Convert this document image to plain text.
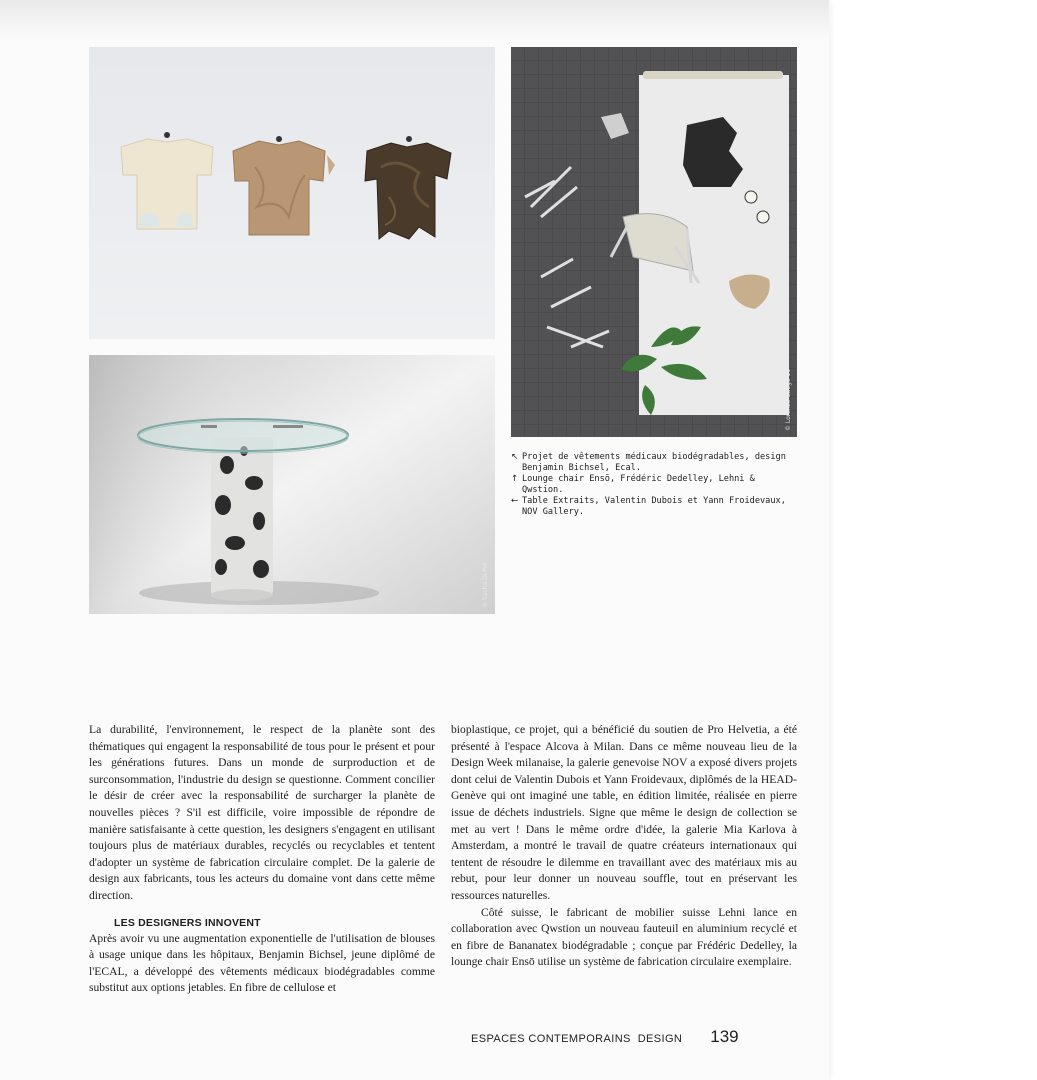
© Sacha Di Poi
© Lorenzo Cuogo 11
↖ Projet de vêtements médicaux biodégradables, design Benjamin Bichsel, Ecal.
↑ Lounge chair Ensō, Frédéric Dedelley, Lehni & Qwstion.
← Table Extraits, Valentin Dubois et Yann Froidevaux, NOV Gallery.

La durabilité, l'environnement, le respect de la planète sont des thématiques qui engagent la responsabilité de tous pour le présent et pour les générations futures. Dans un monde de surproduction et de surconsommation, l'industrie du design se questionne. Comment concilier le désir de créer avec la responsabilité de surcharger la planète de nouvelles pièces ? S'il est difficile, voire impossible de répondre de manière satisfaisante à cette question, les designers s'engagent en utilisant toujours plus de matériaux durables, recyclés ou recyclables et tentent d'adopter un système de fabrication circulaire complet. De la galerie de design aux fabricants, tous les acteurs du domaine vont dans cette même direction.

LES DESIGNERS INNOVENT

Après avoir vu une augmentation exponentielle de l'utilisation de blouses à usage unique dans les hôpitaux, Benjamin Bichsel, jeune diplômé de l'ECAL, a développé des vêtements médicaux biodégradables comme substitut aux options jetables. En fibre de cellulose et

bioplastique, ce projet, qui a bénéficié du soutien de Pro Helvetia, a été présenté à l'espace Alcova à Milan. Dans ce même nouveau lieu de la Design Week milanaise, la galerie genevoise NOV a exposé divers projets dont celui de Valentin Dubois et Yann Froidevaux, diplômés de la HEAD-Genève qui ont imaginé une table, en édition limitée, réalisée en pierre issue de déchets industriels. Signe que même le design de collection se met au vert ! Dans le même ordre d'idée, la galerie Mia Karlova à Amsterdam, a montré le travail de quatre créateurs internationaux qui tentent de résoudre le dilemme en travaillant avec des matériaux mis au rebut, pour leur donner un nouveau souffle, tout en préservant les ressources naturelles.

Côté suisse, le fabricant de mobilier suisse Lehni lance en collaboration avec Qwstion un nouveau fauteuil en aluminium recyclé et en fibre de Bananatex biodégradable ; conçue par Frédéric Dedelley, la lounge chair Ensō utilise un système de fabrication circulaire exemplaire.

ESPACES CONTEMPORAINS  DESIGN 139
